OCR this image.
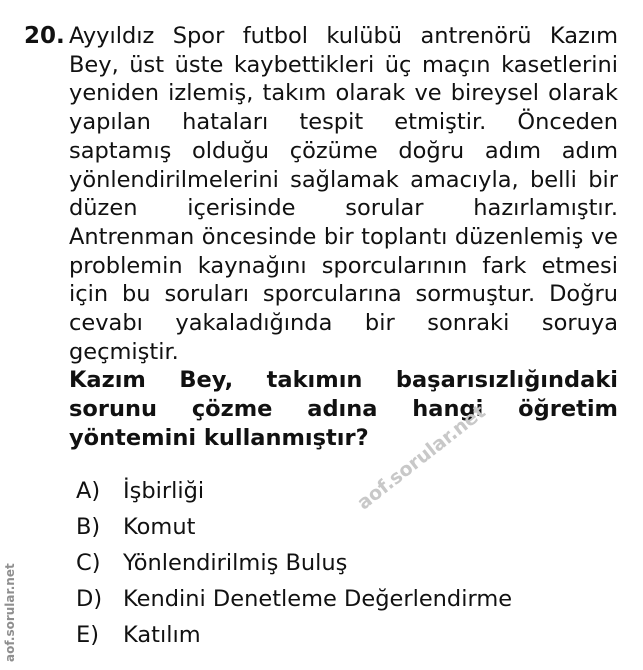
20. Ayyıldız Spor futbol kulübü antrenörü Kazım Bey, üst üste kaybettikleri üç maçın kasetlerini yeniden izlemiş, takım olarak ve bireysel olarak yapılan hataları tespit etmiştir. Önceden saptamış olduğu çözüme doğru adım adım yönlendirilmelerini sağlamak amacıyla, belli bir düzen içerisinde sorular hazırlamıştır. Antrenman öncesinde bir toplantı düzenlemiş ve problemin kaynağını sporcularının fark etmesi için bu soruları sporcularına sormuştur. Doğru cevabı yakaladığında bir sonraki soruya geçmiştir.

Kazım Bey, takımın başarısızlığındaki sorunu çözme adına hangi öğretim yöntemini kullanmıştır?

A) İşbirliği
B) Komut
C) Yönlendirilmiş Buluş
D) Kendini Denetleme Değerlendirme
E) Katılım
aof.sorular.net
aof.sorular.net
